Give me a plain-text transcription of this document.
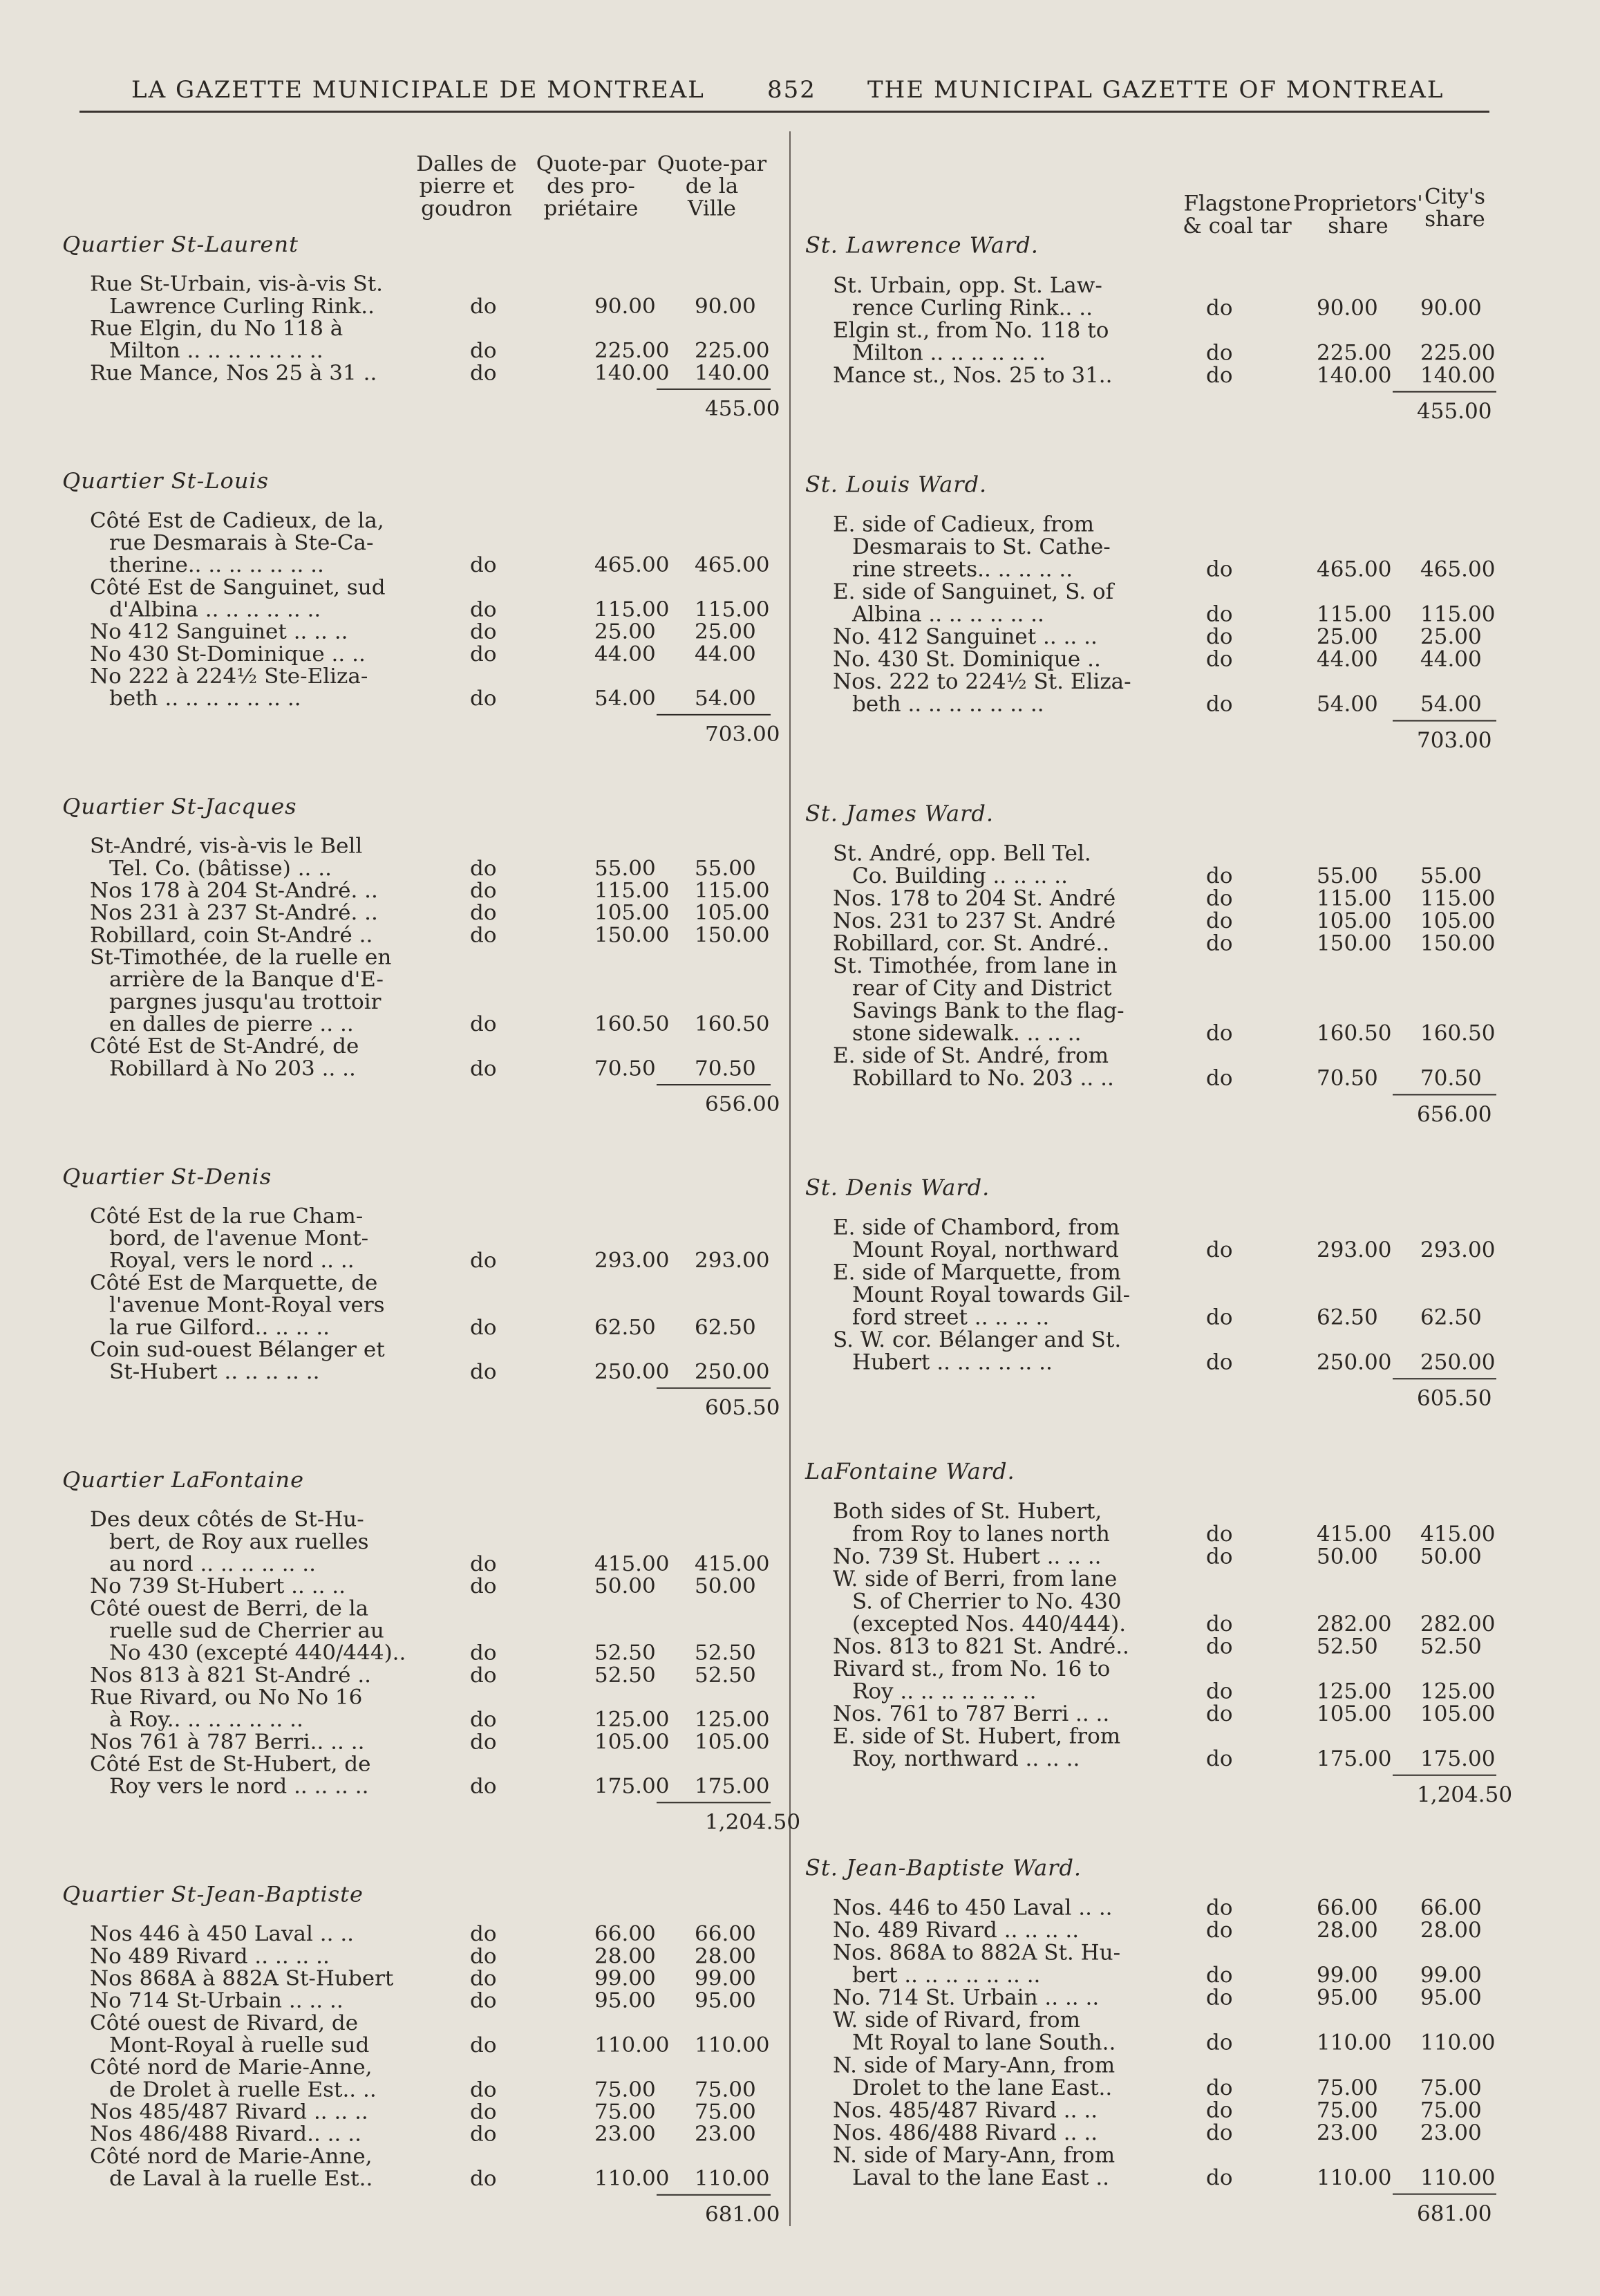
LA GAZETTE MUNICIPALE DE MONTREAL	852 THE MUNICIPAL GAZETTE OF MONTREAL
Dalles de
pierre et
goudron
Quote-par
des pro-
priétaire
Quote-par
de la
Ville
Quartier St-Laurent
Rue St-Urbain, vis-à-vis St.
Lawrence Curling Rink..	do	90.00 90.00
Rue Elgin, du No 118 à
Milton .. .. .. .. .. .. ..	do	225.00 225.00
Rue Mance, Nos 25 à 31 ..	do	140.00 140.00
455.00
Quartier St-Louis
Côté Est de Cadieux, de la,
rue Desmarais à Ste-Ca-
therine.. .. .. .. .. .. ..	do	465.00 465.00
Côté Est de Sanguinet, sud
d'Albina .. .. .. .. .. ..	do	115.00 115.00
No 412 Sanguinet .. .. ..	do	25.00 25.00
No 430 St-Dominique .. ..	do	44.00 44.00
No 222 à 224½ Ste-Eliza-
beth .. .. .. .. .. .. ..	do	54.00 54.00
703.00
Quartier St-Jacques
St-André, vis-à-vis le Bell
Tel. Co. (bâtisse) .. ..	do	55.00 55.00
Nos 178 à 204 St-André. ..	do	115.00 115.00
Nos 231 à 237 St-André. ..	do	105.00 105.00
Robillard, coin St-André ..	do	150.00 150.00
St-Timothée, de la ruelle en
arrière de la Banque d'E-
pargnes jusqu'au trottoir
en dalles de pierre .. ..	do	160.50 160.50
Côté Est de St-André, de
Robillard à No 203 .. ..	do	70.50 70.50
656.00
Quartier St-Denis
Côté Est de la rue Cham-
bord, de l'avenue Mont-
Royal, vers le nord .. ..	do	293.00 293.00
Côté Est de Marquette, de
l'avenue Mont-Royal vers
la rue Gilford.. .. .. ..	do	62.50 62.50
Coin sud-ouest Bélanger et
St-Hubert .. .. .. .. ..	do	250.00 250.00
605.50
Quartier LaFontaine
Des deux côtés de St-Hu-
bert, de Roy aux ruelles
au nord .. .. .. .. .. ..	do	415.00 415.00
No 739 St-Hubert .. .. ..	do	50.00 50.00
Côté ouest de Berri, de la
ruelle sud de Cherrier au
No 430 (excepté 440/444)..	do	52.50 52.50
Nos 813 à 821 St-André ..	do	52.50 52.50
Rue Rivard, ou No No 16
à Roy.. .. .. .. .. .. ..	do	125.00 125.00
Nos 761 à 787 Berri.. .. ..	do	105.00 105.00
Côté Est de St-Hubert, de
Roy vers le nord .. .. .. ..	do	175.00 175.00
1,204.50
Quartier St-Jean-Baptiste
Nos 446 à 450 Laval .. ..	do	66.00 66.00
No 489 Rivard .. .. .. ..	do	28.00 28.00
Nos 868A à 882A St-Hubert	do	99.00 99.00
No 714 St-Urbain .. .. ..	do	95.00 95.00
Côté ouest de Rivard, de
Mont-Royal à ruelle sud	do	110.00 110.00
Côté nord de Marie-Anne,
de Drolet à ruelle Est.. ..	do	75.00 75.00
Nos 485/487 Rivard .. .. ..	do	75.00 75.00
Nos 486/488 Rivard.. .. ..	do	23.00 23.00
Côté nord de Marie-Anne,
de Laval à la ruelle Est..	do	110.00 110.00
681.00
Flagstone
& coal tar
Proprietors'
share
City's
share
St. Lawrence Ward.
St. Urbain, opp. St. Law-
rence Curling Rink.. ..	do	90.00 90.00
Elgin st., from No. 118 to
Milton .. .. .. .. .. ..	do	225.00 225.00
Mance st., Nos. 25 to 31..	do	140.00 140.00
455.00
St. Louis Ward.
E. side of Cadieux, from
Desmarais to St. Cathe-
rine streets.. .. .. .. ..	do	465.00 465.00
E. side of Sanguinet, S. of
Albina .. .. .. .. .. ..	do	115.00 115.00
No. 412 Sanguinet .. .. ..	do	25.00 25.00
No. 430 St. Dominique ..	do	44.00 44.00
Nos. 222 to 224½ St. Eliza-
beth .. .. .. .. .. .. ..	do	54.00 54.00
703.00
St. James Ward.
St. André, opp. Bell Tel.
Co. Building .. .. .. ..	do	55.00 55.00
Nos. 178 to 204 St. André	do	115.00 115.00
Nos. 231 to 237 St. André	do	105.00 105.00
Robillard, cor. St. André..	do	150.00 150.00
St. Timothée, from lane in
rear of City and District
Savings Bank to the flag-
stone sidewalk. .. .. ..	do	160.50 160.50
E. side of St. André, from
Robillard to No. 203 .. ..	do	70.50 70.50
656.00
St. Denis Ward.
E. side of Chambord, from
Mount Royal, northward	do	293.00 293.00
E. side of Marquette, from
Mount Royal towards Gil-
ford street .. .. .. ..	do	62.50 62.50
S. W. cor. Bélanger and St.
Hubert .. .. .. .. .. ..	do	250.00 250.00
605.50
LaFontaine Ward.
Both sides of St. Hubert,
from Roy to lanes north	do	415.00 415.00
No. 739 St. Hubert .. .. ..	do	50.00 50.00
W. side of Berri, from lane
S. of Cherrier to No. 430
(excepted Nos. 440/444).	do	282.00 282.00
Nos. 813 to 821 St. André..	do	52.50 52.50
Rivard st., from No. 16 to
Roy .. .. .. .. .. .. ..	do	125.00 125.00
Nos. 761 to 787 Berri .. ..	do	105.00 105.00
E. side of St. Hubert, from
Roy, northward .. .. ..	do	175.00 175.00
1,204.50
St. Jean-Baptiste Ward.
Nos. 446 to 450 Laval .. ..	do	66.00 66.00
No. 489 Rivard .. .. .. ..	do	28.00 28.00
Nos. 868A to 882A St. Hu-
bert .. .. .. .. .. .. ..	do	99.00 99.00
No. 714 St. Urbain .. .. ..	do	95.00 95.00
W. side of Rivard, from
Mt Royal to lane South..	do	110.00 110.00
N. side of Mary-Ann, from
Drolet to the lane East..	do	75.00 75.00
Nos. 485/487 Rivard .. ..	do	75.00 75.00
Nos. 486/488 Rivard .. ..	do	23.00 23.00
N. side of Mary-Ann, from
Laval to the lane East ..	do	110.00 110.00
681.00
